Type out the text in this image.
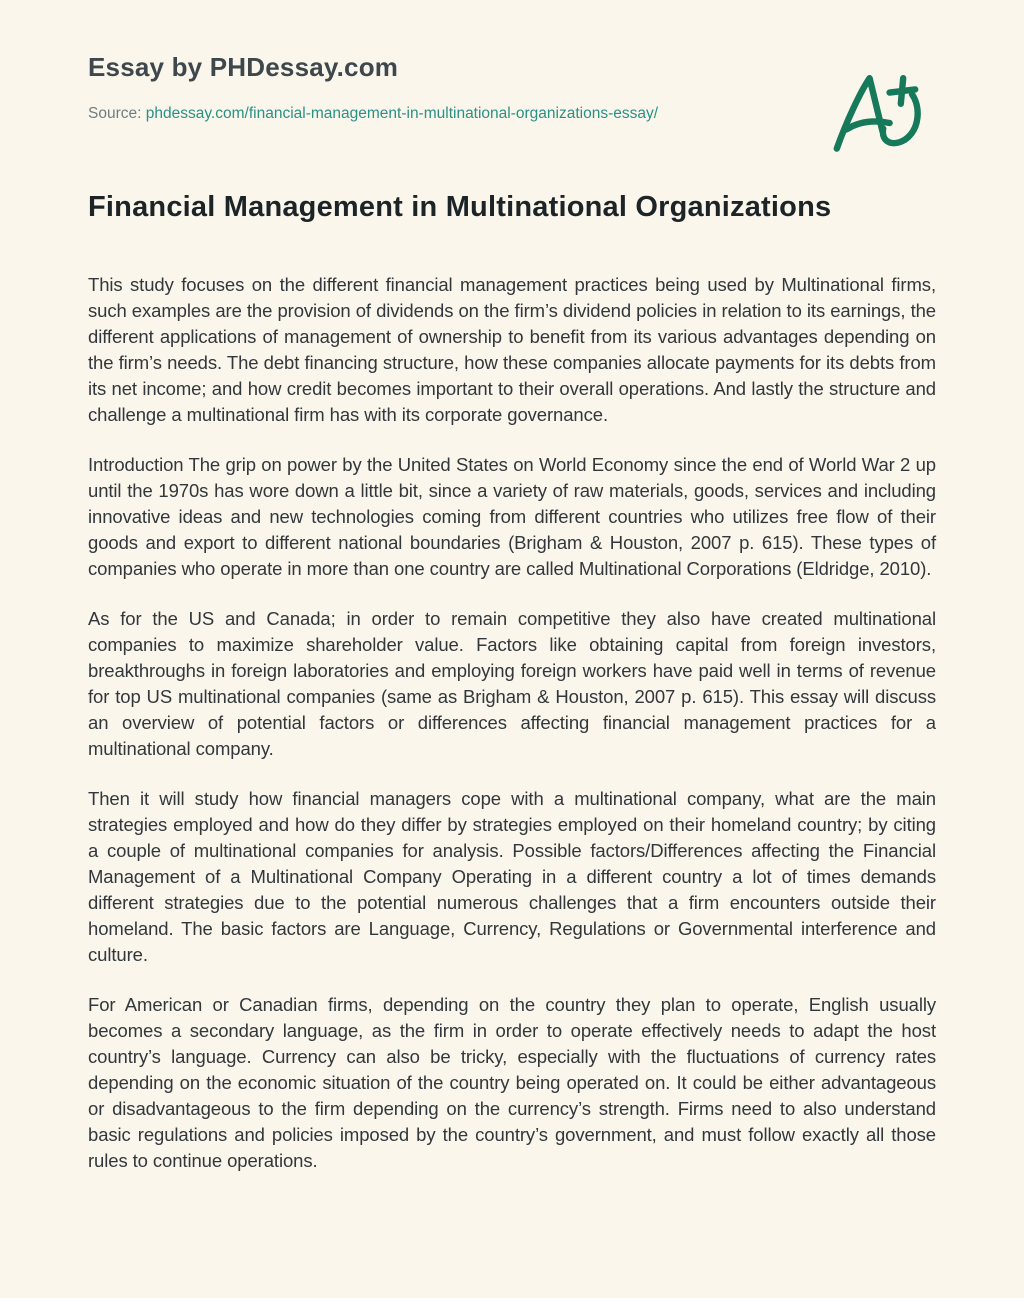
Essay by PHDessay.com

Source: phdessay.com/financial-management-in-multinational-organizations-essay/

Financial Management in Multinational Organizations

This study focuses on the different financial management practices being used by Multinational firms, such examples are the provision of dividends on the firm’s dividend policies in relation to its earnings, the different applications of management of ownership to benefit from its various advantages depending on the firm’s needs. The debt financing structure, how these companies allocate payments for its debts from its net income; and how credit becomes important to their overall operations. And lastly the structure and challenge a multinational firm has with its corporate governance.

Introduction The grip on power by the United States on World Economy since the end of World War 2 up until the 1970s has wore down a little bit, since a variety of raw materials, goods, services and including innovative ideas and new technologies coming from different countries who utilizes free flow of their goods and export to different national boundaries (Brigham & Houston, 2007 p. 615). These types of companies who operate in more than one country are called Multinational Corporations (Eldridge, 2010).

As for the US and Canada; in order to remain competitive they also have created multinational companies to maximize shareholder value. Factors like obtaining capital from foreign investors, breakthroughs in foreign laboratories and employing foreign workers have paid well in terms of revenue for top US multinational companies (same as Brigham & Houston, 2007 p. 615). This essay will discuss an overview of potential factors or differences affecting financial management practices for a multinational company.

Then it will study how financial managers cope with a multinational company, what are the main strategies employed and how do they differ by strategies employed on their homeland country; by citing a couple of multinational companies for analysis. Possible factors/Differences affecting the Financial Management of a Multinational Company Operating in a different country a lot of times demands different strategies due to the potential numerous challenges that a firm encounters outside their homeland. The basic factors are Language, Currency, Regulations or Governmental interference and culture.

For American or Canadian firms, depending on the country they plan to operate, English usually becomes a secondary language, as the firm in order to operate effectively needs to adapt the host country’s language. Currency can also be tricky, especially with the fluctuations of currency rates depending on the economic situation of the country being operated on. It could be either advantageous or disadvantageous to the firm depending on the currency’s strength. Firms need to also understand basic regulations and policies imposed by the country’s government, and must follow exactly all those rules to continue operations.
